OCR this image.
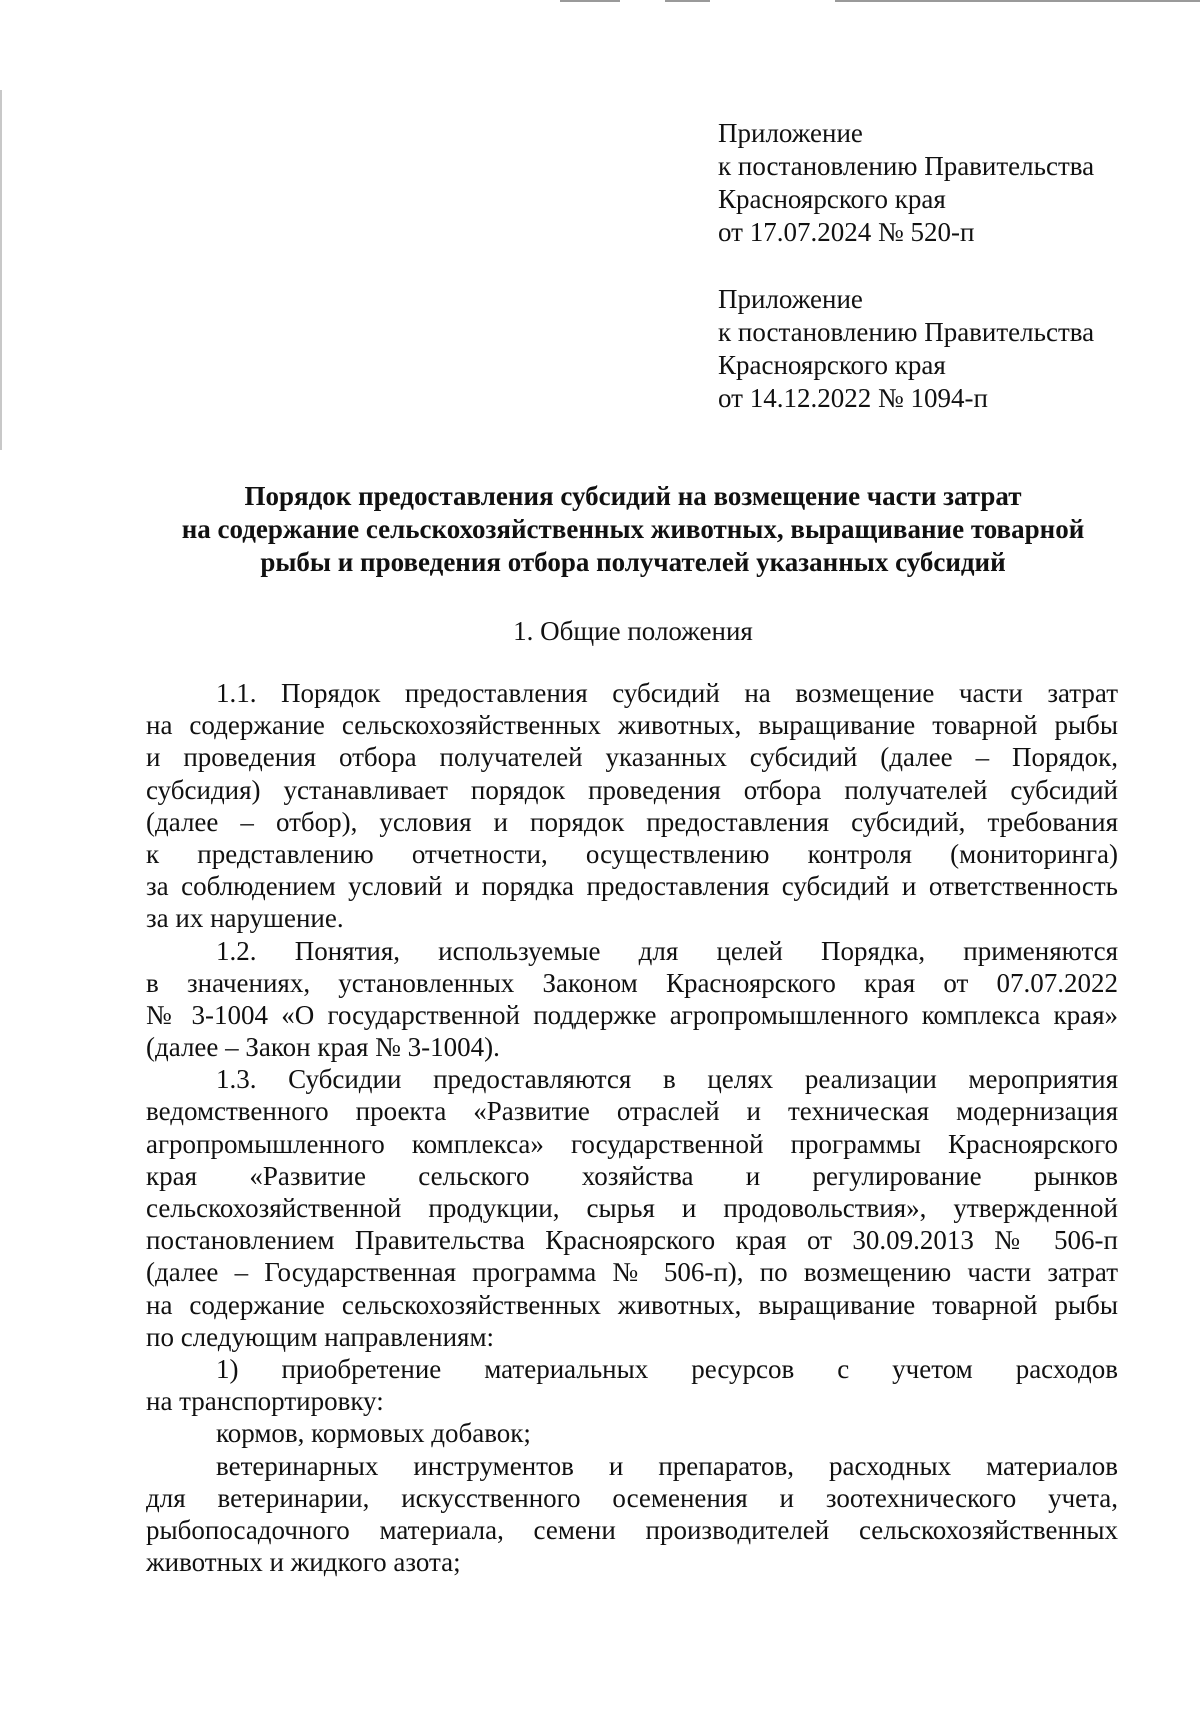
Приложение
к постановлению Правительства
Красноярского края
от 17.07.2024 № 520-п
Приложение
к постановлению Правительства
Красноярского края
от 14.12.2022 № 1094-п
Порядок предоставления субсидий на возмещение части затрат
на содержание сельскохозяйственных животных, выращивание товарной
рыбы и проведения отбора получателей указанных субсидий
1. Общие положения
1.1. Порядок предоставления субсидий на возмещение части затрат
на содержание сельскохозяйственных животных, выращивание товарной рыбы
и проведения отбора получателей указанных субсидий (далее – Порядок,
субсидия) устанавливает порядок проведения отбора получателей субсидий
(далее – отбор), условия и порядок предоставления субсидий, требования
к представлению отчетности, осуществлению контроля (мониторинга)
за соблюдением условий и порядка предоставления субсидий и ответственность
за их нарушение.
1.2. Понятия, используемые для целей Порядка, применяются
в значениях, установленных Законом Красноярского края от 07.07.2022
№ 3-1004 «О государственной поддержке агропромышленного комплекса края»
(далее – Закон края № 3-1004).
1.3. Субсидии предоставляются в целях реализации мероприятия
ведомственного проекта «Развитие отраслей и техническая модернизация
агропромышленного комплекса» государственной программы Красноярского
края «Развитие сельского хозяйства и регулирование рынков
сельскохозяйственной продукции, сырья и продовольствия», утвержденной
постановлением Правительства Красноярского края от 30.09.2013 № 506-п
(далее – Государственная программа № 506-п), по возмещению части затрат
на содержание сельскохозяйственных животных, выращивание товарной рыбы
по следующим направлениям:
1) приобретение материальных ресурсов с учетом расходов
на транспортировку:
кормов, кормовых добавок;
ветеринарных инструментов и препаратов, расходных материалов
для ветеринарии, искусственного осеменения и зоотехнического учета,
рыбопосадочного материала, семени производителей сельскохозяйственных
животных и жидкого азота;
